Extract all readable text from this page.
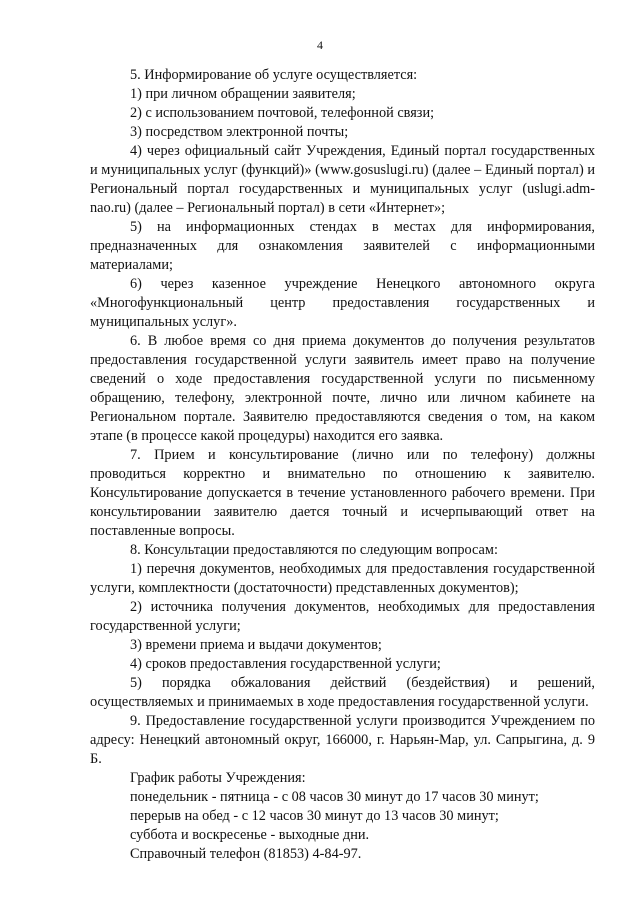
4

5. Информирование об услуге осуществляется:

1) при личном обращении заявителя;

2) с использованием почтовой, телефонной связи;

3) посредством электронной почты;

4) через официальный сайт Учреждения, Единый портал государственных и муниципальных услуг (функций)» (www.gosuslugi.ru) (далее – Единый портал) и Региональный портал государственных и муниципальных услуг (uslugi.adm-nao.ru) (далее – Региональный портал) в сети «Интернет»;

5) на информационных стендах в местах для информирования, предназначенных для ознакомления заявителей с информационными материалами;

6) через казенное учреждение Ненецкого автономного округа «Многофункциональный центр предоставления государственных и муниципальных услуг».

6. В любое время со дня приема документов до получения результатов предоставления государственной услуги заявитель имеет право на получение сведений о ходе предоставления государственной услуги по письменному обращению, телефону, электронной почте, лично или личном кабинете на Региональном портале. Заявителю предоставляются сведения о том, на каком этапе (в процессе какой процедуры) находится его заявка.

7. Прием и консультирование (лично или по телефону) должны проводиться корректно и внимательно по отношению к заявителю. Консультирование допускается в течение установленного рабочего времени. При консультировании заявителю дается точный и исчерпывающий ответ на поставленные вопросы.

8. Консультации предоставляются по следующим вопросам:

1) перечня документов, необходимых для предоставления государственной услуги, комплектности (достаточности) представленных документов);

2) источника получения документов, необходимых для предоставления государственной услуги;

3) времени приема и выдачи документов;

4) сроков предоставления государственной услуги;

5) порядка обжалования действий (бездействия) и решений, осуществляемых и принимаемых в ходе предоставления государственной услуги.

9. Предоставление государственной услуги производится Учреждением по адресу: Ненецкий автономный округ, 166000, г. Нарьян-Мар, ул. Сапрыгина, д. 9 Б.

График работы Учреждения:

понедельник - пятница - с 08 часов 30 минут до 17 часов 30 минут;

перерыв на обед - с 12 часов 30 минут до 13 часов 30 минут;

суббота и воскресенье - выходные дни.

Справочный телефон (81853) 4-84-97.
